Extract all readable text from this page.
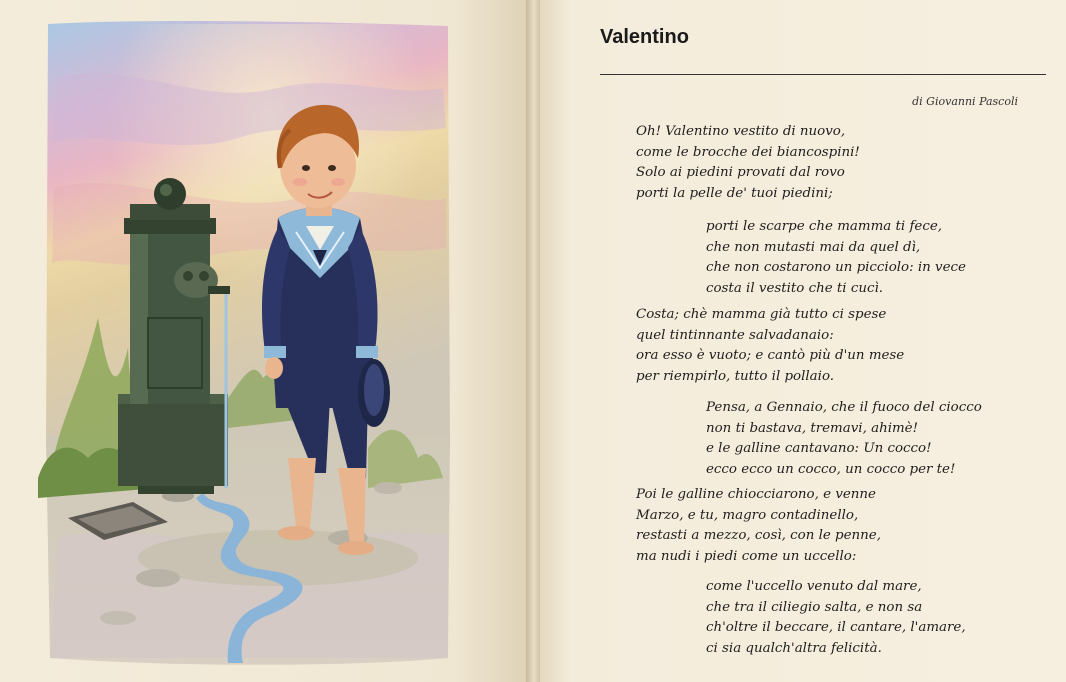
Valentino
di Giovanni Pascoli
Oh! Valentino vestito di nuovo,
come le brocche dei biancospini!
Solo ai piedini provati dal rovo
porti la pelle de' tuoi piedini;
porti le scarpe che mamma ti fece,
che non mutasti mai da quel dì,
che non costarono un picciolo: in vece
costa il vestito che ti cucì.
Costa; chè mamma già tutto ci spese
quel tintinnante salvadanaio:
ora esso è vuoto; e cantò più d'un mese
per riempirlo, tutto il pollaio.
Pensa, a Gennaio, che il fuoco del ciocco
non ti bastava, tremavi, ahimè!
e le galline cantavano: Un cocco!
ecco ecco un cocco, un cocco per te!
Poi le galline chiocciarono, e venne
Marzo, e tu, magro contadinello,
restasti a mezzo, così, con le penne,
ma nudi i piedi come un uccello:
come l'uccello venuto dal mare,
che tra il ciliegio salta, e non sa
ch'oltre il beccare, il cantare, l'amare,
ci sia qualch'altra felicità.
